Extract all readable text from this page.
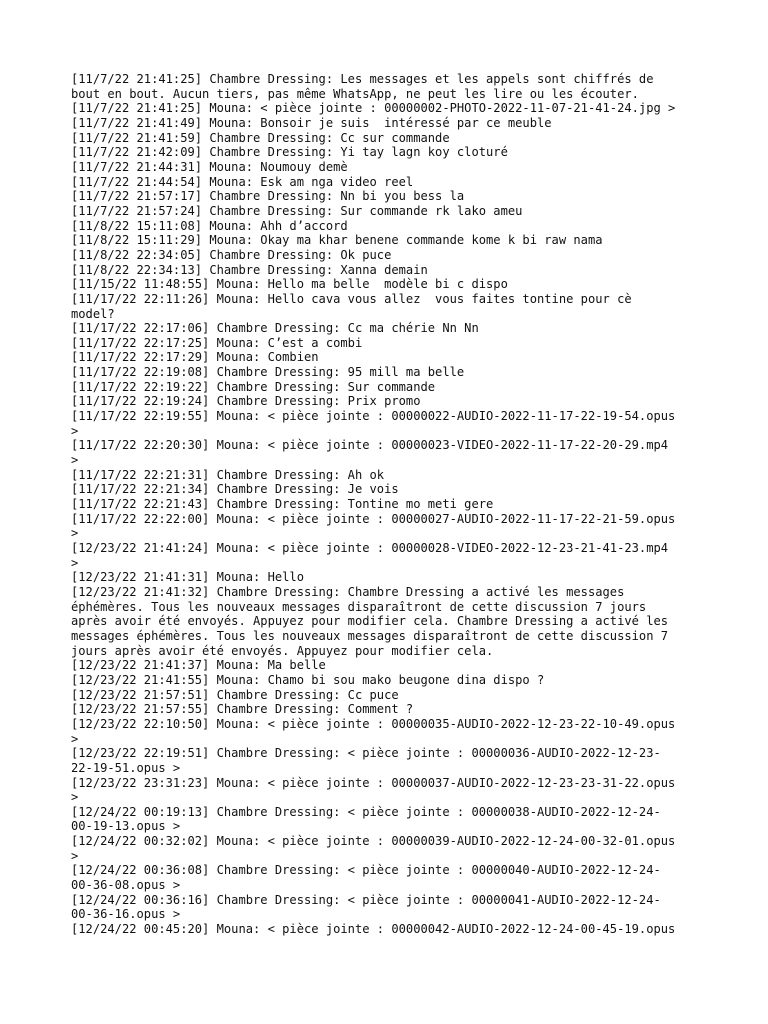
[11/7/22 21:41:25] Chambre Dressing: Les messages et les appels sont chiffrés de
bout en bout. Aucun tiers, pas même WhatsApp, ne peut les lire ou les écouter.
[11/7/22 21:41:25] Mouna: < pièce jointe : 00000002-PHOTO-2022-11-07-21-41-24.jpg >
[11/7/22 21:41:49] Mouna: Bonsoir je suis  intéressé par ce meuble
[11/7/22 21:41:59] Chambre Dressing: Cc sur commande
[11/7/22 21:42:09] Chambre Dressing: Yi tay lagn koy cloturé
[11/7/22 21:44:31] Mouna: Noumouy demè
[11/7/22 21:44:54] Mouna: Esk am nga video reel
[11/7/22 21:57:17] Chambre Dressing: Nn bi you bess la
[11/7/22 21:57:24] Chambre Dressing: Sur commande rk lako ameu
[11/8/22 15:11:08] Mouna: Ahh d’accord
[11/8/22 15:11:29] Mouna: Okay ma khar benene commande kome k bi raw nama
[11/8/22 22:34:05] Chambre Dressing: Ok puce
[11/8/22 22:34:13] Chambre Dressing: Xanna demain
[11/15/22 11:48:55] Mouna: Hello ma belle  modèle bi c dispo
[11/17/22 22:11:26] Mouna: Hello cava vous allez  vous faites tontine pour cè
model?
[11/17/22 22:17:06] Chambre Dressing: Cc ma chérie Nn Nn
[11/17/22 22:17:25] Mouna: C’est a combi
[11/17/22 22:17:29] Mouna: Combien
[11/17/22 22:19:08] Chambre Dressing: 95 mill ma belle
[11/17/22 22:19:22] Chambre Dressing: Sur commande
[11/17/22 22:19:24] Chambre Dressing: Prix promo
[11/17/22 22:19:55] Mouna: < pièce jointe : 00000022-AUDIO-2022-11-17-22-19-54.opus
>
[11/17/22 22:20:30] Mouna: < pièce jointe : 00000023-VIDEO-2022-11-17-22-20-29.mp4
>
[11/17/22 22:21:31] Chambre Dressing: Ah ok
[11/17/22 22:21:34] Chambre Dressing: Je vois
[11/17/22 22:21:43] Chambre Dressing: Tontine mo meti gere
[11/17/22 22:22:00] Mouna: < pièce jointe : 00000027-AUDIO-2022-11-17-22-21-59.opus
>
[12/23/22 21:41:24] Mouna: < pièce jointe : 00000028-VIDEO-2022-12-23-21-41-23.mp4
>
[12/23/22 21:41:31] Mouna: Hello
[12/23/22 21:41:32] Chambre Dressing: Chambre Dressing a activé les messages
éphémères. Tous les nouveaux messages disparaîtront de cette discussion 7 jours
après avoir été envoyés. Appuyez pour modifier cela. Chambre Dressing a activé les
messages éphémères. Tous les nouveaux messages disparaîtront de cette discussion 7
jours après avoir été envoyés. Appuyez pour modifier cela.
[12/23/22 21:41:37] Mouna: Ma belle
[12/23/22 21:41:55] Mouna: Chamo bi sou mako beugone dina dispo ?
[12/23/22 21:57:51] Chambre Dressing: Cc puce
[12/23/22 21:57:55] Chambre Dressing: Comment ?
[12/23/22 22:10:50] Mouna: < pièce jointe : 00000035-AUDIO-2022-12-23-22-10-49.opus
>
[12/23/22 22:19:51] Chambre Dressing: < pièce jointe : 00000036-AUDIO-2022-12-23-
22-19-51.opus >
[12/23/22 23:31:23] Mouna: < pièce jointe : 00000037-AUDIO-2022-12-23-23-31-22.opus
>
[12/24/22 00:19:13] Chambre Dressing: < pièce jointe : 00000038-AUDIO-2022-12-24-
00-19-13.opus >
[12/24/22 00:32:02] Mouna: < pièce jointe : 00000039-AUDIO-2022-12-24-00-32-01.opus
>
[12/24/22 00:36:08] Chambre Dressing: < pièce jointe : 00000040-AUDIO-2022-12-24-
00-36-08.opus >
[12/24/22 00:36:16] Chambre Dressing: < pièce jointe : 00000041-AUDIO-2022-12-24-
00-36-16.opus >
[12/24/22 00:45:20] Mouna: < pièce jointe : 00000042-AUDIO-2022-12-24-00-45-19.opus
